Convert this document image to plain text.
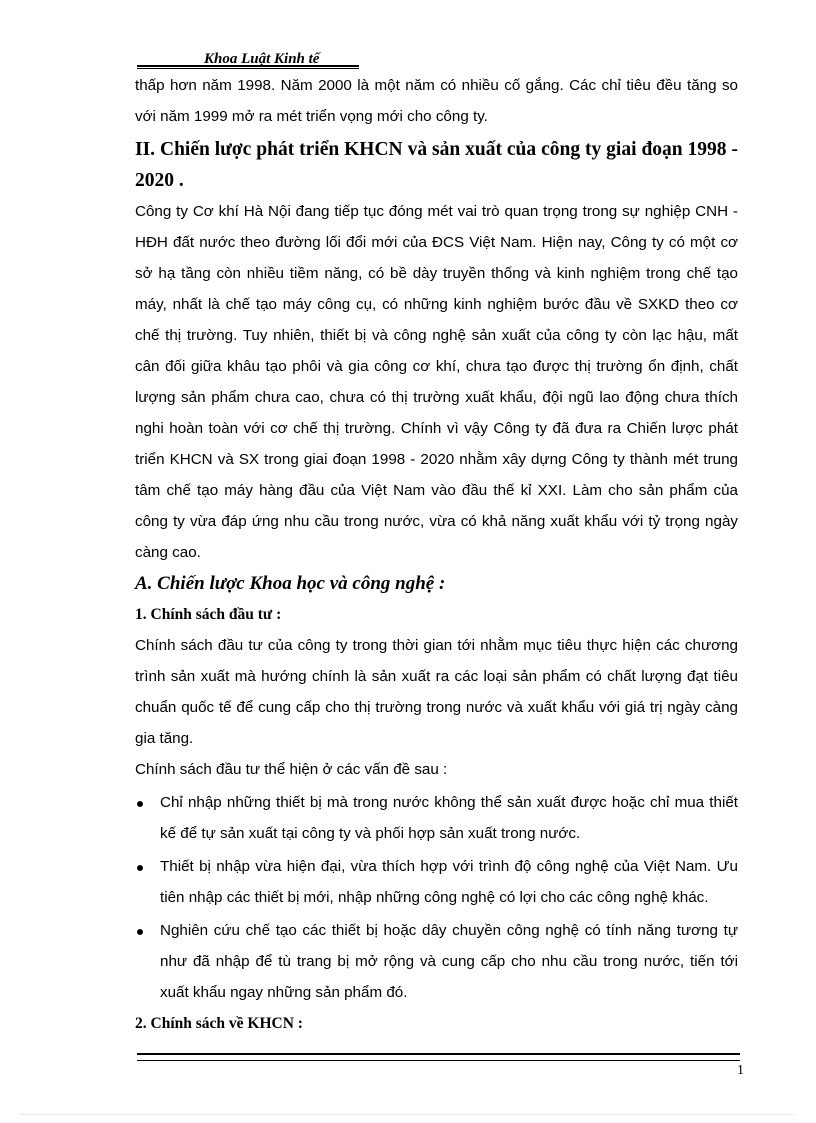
Khoa Luật Kinh tế

thấp hơn năm 1998. Năm 2000 là một năm có nhiều cố gắng. Các chỉ tiêu đều tăng so với năm 1999 mở ra mét triển vọng mới cho công ty.

II. Chiến lược phát triển KHCN và sản xuất của công ty giai đoạn 1998 - 2020 .

Công ty Cơ khí Hà Nội đang tiếp tục đóng mét vai trò quan trọng trong sự nghiệp CNH - HĐH đất nước theo đường lối đổi mới của ĐCS Việt Nam. Hiện nay, Công ty có một cơ sở hạ tầng còn nhiều tiềm năng, có bề dày truyền thống và kinh nghiệm trong chế tạo máy, nhất là chế tạo máy công cụ, có những kinh nghiệm bước đầu về SXKD theo cơ chế thị trường. Tuy nhiên, thiết bị và công nghệ sản xuất của công ty còn lạc hậu, mất cân đối giữa khâu tạo phôi và gia công cơ khí, chưa tạo được thị trường ổn định, chất lượng sản phẩm chưa cao, chưa có thị trường xuất khẩu, đội ngũ lao động chưa thích nghi hoàn toàn với cơ chế thị trường. Chính vì vậy Công ty đã đưa ra Chiến lược phát triển KHCN và SX trong giai đoạn 1998 - 2020 nhằm xây dựng Công ty thành mét trung tâm chế tạo máy hàng đầu của Việt Nam vào đầu thế kỉ XXI. Làm cho sản phẩm của công ty vừa đáp ứng nhu cầu trong nước, vừa có khả năng xuất khẩu với tỷ trọng ngày càng cao.

A. Chiến lược Khoa học và công nghệ :
1. Chính sách đầu tư :

Chính sách đầu tư của công ty trong thời gian tới nhằm mục tiêu thực hiện các chương trình sản xuất mà hướng chính là sản xuất ra các loại sản phẩm có chất lượng đạt tiêu chuẩn quốc tế để cung cấp cho thị trường trong nước và xuất khẩu với giá trị ngày càng gia tăng.

Chính sách đầu tư thể hiện ở các vấn đề sau :

Chỉ nhập những thiết bị mà trong nước không thể sản xuất được hoặc chỉ mua thiết kế để tự sản xuất tại công ty và phối hợp sản xuất trong nước.
Thiết bị nhập vừa hiện đại, vừa thích hợp với trình độ công nghệ của Việt Nam. Ưu tiên nhập các thiết bị mới, nhập những công nghệ có lợi cho các công nghệ khác.
Nghiên cứu chế tạo các thiết bị hoặc dây chuyền công nghệ có tính năng tương tự như đã nhập để tù trang bị mở rộng và cung cấp cho nhu cầu trong nước, tiến tới xuất khẩu ngay những sản phẩm đó.
2. Chính sách về KHCN :
1
